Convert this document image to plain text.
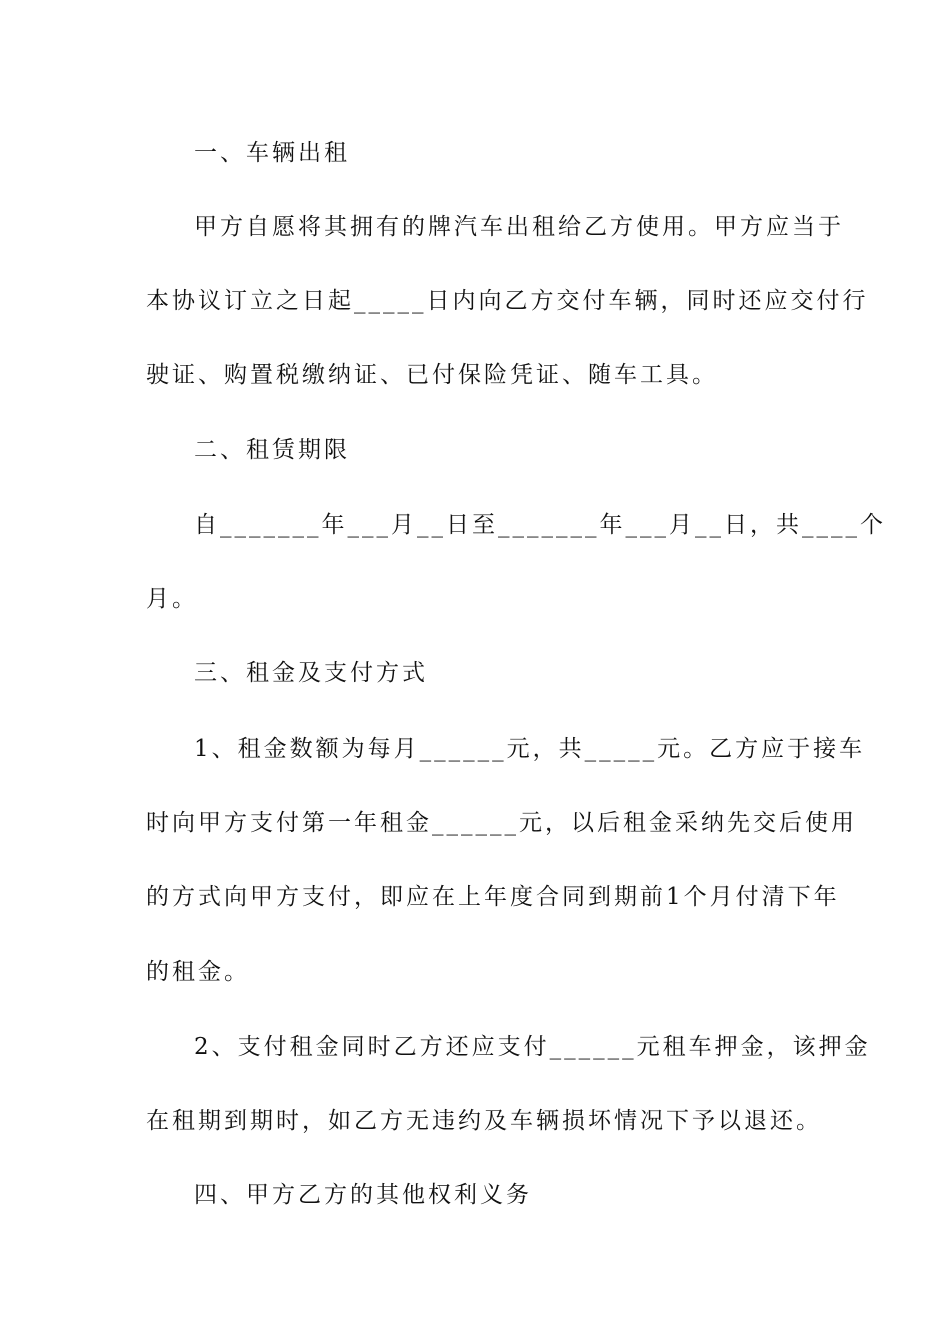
一、车辆出租
甲方自愿将其拥有的牌汽车出租给乙方使用。甲方应当于
本协议订立之日起_____日内向乙方交付车辆，同时还应交付行
驶证、购置税缴纳证、已付保险凭证、随车工具。
二、租赁期限
自_______年___月__日至_______年___月__日，共____个
月。
三、租金及支付方式
1、租金数额为每月______元，共_____元。乙方应于接车
时向甲方支付第一年租金______元，以后租金采纳先交后使用
的方式向甲方支付，即应在上年度合同到期前1个月付清下年
的租金。
2、支付租金同时乙方还应支付______元租车押金，该押金
在租期到期时，如乙方无违约及车辆损坏情况下予以退还。
四、甲方乙方的其他权利义务
